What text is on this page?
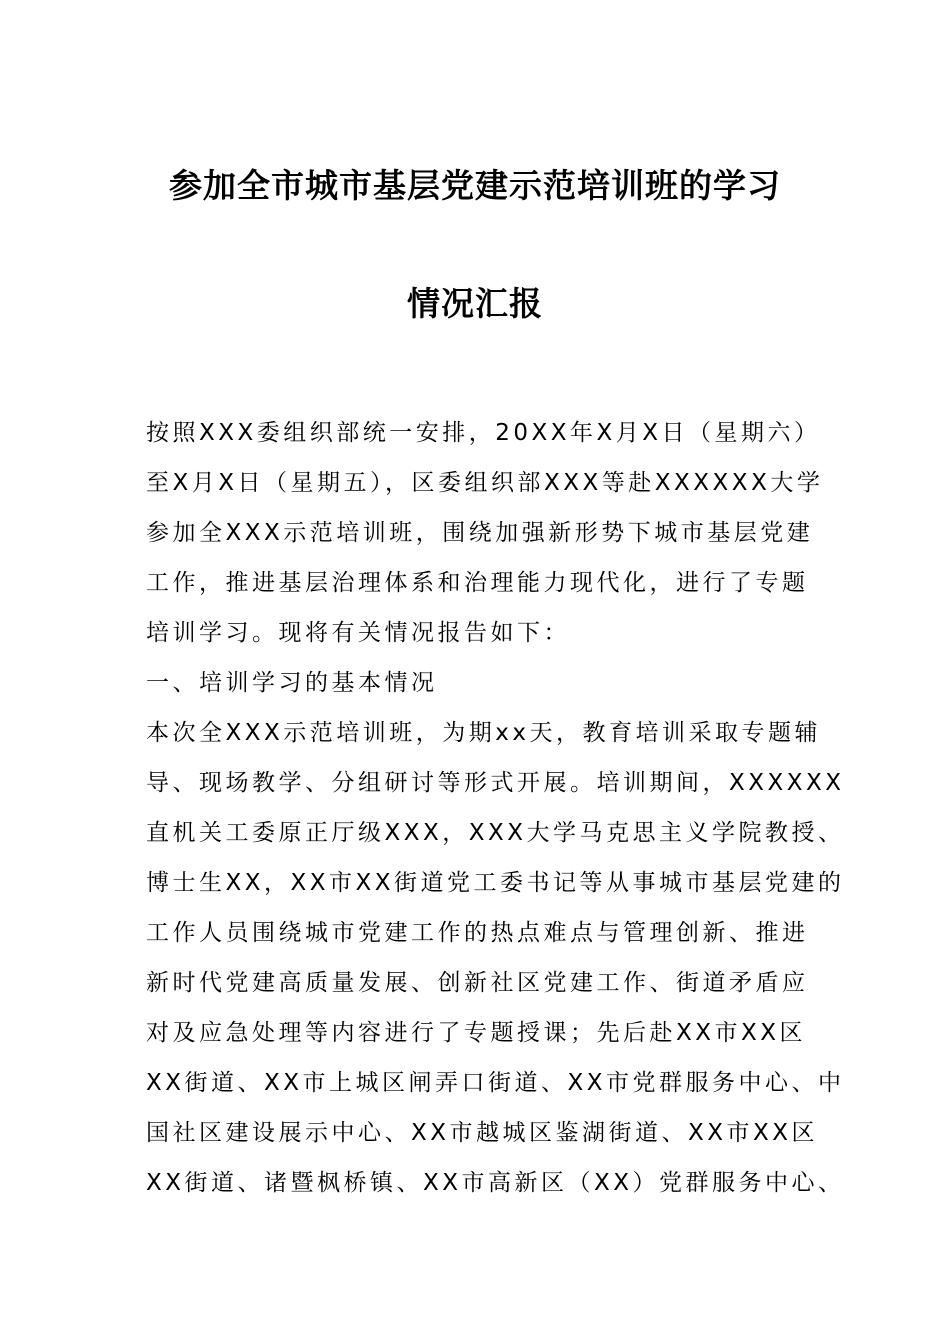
参加全市城市基层党建示范培训班的学习
情况汇报
按照XXX委组织部统一安排，20XX年X月X日（星期六）
至X月X日（星期五），区委组织部XXX等赴XXXXXX大学
参加全XXX示范培训班，围绕加强新形势下城市基层党建
工作，推进基层治理体系和治理能力现代化，进行了专题
培训学习。现将有关情况报告如下：
一、培训学习的基本情况
本次全XXX示范培训班，为期xx天，教育培训采取专题辅
导、现场教学、分组研讨等形式开展。培训期间，XXXXXX
直机关工委原正厅级XXX，XXX大学马克思主义学院教授、
博士生XX，XX市XX街道党工委书记等从事城市基层党建的
工作人员围绕城市党建工作的热点难点与管理创新、推进
新时代党建高质量发展、创新社区党建工作、街道矛盾应
对及应急处理等内容进行了专题授课；先后赴XX市XX区
XX街道、XX市上城区闸弄口街道、XX市党群服务中心、中
国社区建设展示中心、XX市越城区鉴湖街道、XX市XX区
XX街道、诸暨枫桥镇、XX市高新区（XX）党群服务中心、
